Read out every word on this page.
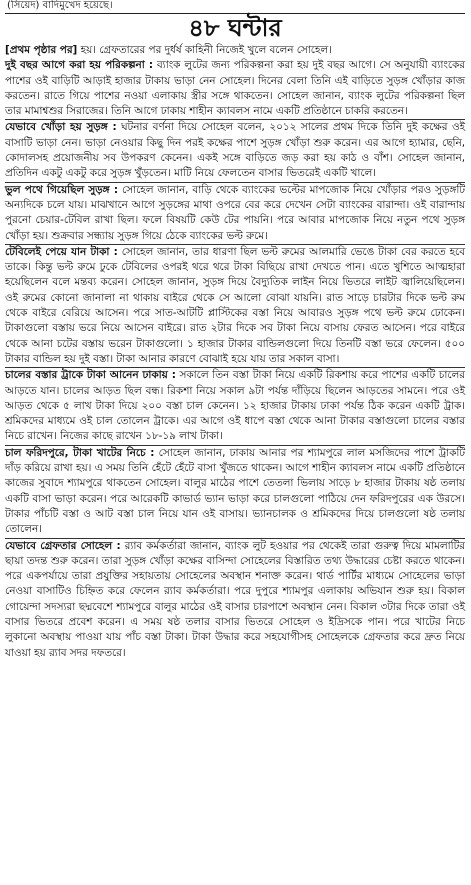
(সিয়েদ) বাদিমুখেদ হয়েছে।
৪৮ ঘন্টার

[প্রথম পৃষ্ঠার পর] হয়। গ্রেফতারের পর দুর্ধর্ষ কাহিনী নিজেই খুলে বলেন সোহেল।

দুই বছর আগে করা হয় পরিকল্পনা : ব্যাংক লুটের জন্য পরিকল্পনা করা হয় দুই বছর আগে। সে অনুযায়ী ব্যাংকের পাশের ওই বাড়িটি আড়াই হাজার টাকায় ভাড়া নেন সোহেল। দিনের বেলা তিনি এই বাড়িতে সুড়ঙ্গ খোঁড়ার কাজ করতেন। রাতে গিয়ে পাশের নওয়া এলাকায় স্ত্রীর সঙ্গে থাকতেন। সোহেল জানান, ব্যাংক লুটের পরিকল্পনা ছিল তার মামাশ্বশুর সিরাজের। তিনি আগে ঢাকায় শাহীন ক্যাবলস নামে একটি প্রতিষ্ঠানে চাকরি করতেন।

যেভাবে খোঁড়া হয় সুড়ঙ্গ : ঘটনার বর্ণনা দিয়ে সোহেল বলেন, ২০১২ সালের প্রথম দিকে তিনি দুই কক্ষের ওই বাসাটি ভাড়া নেন। ভাড়া নেওয়ার কিছু দিন পরই কক্ষের পাশে সুড়ঙ্গ খোঁড়া শুরু করেন। এর আগে হ্যামার, ছেনি, কোদালসহ প্রয়োজনীয় সব উপকরণ কেনেন। একই সঙ্গে বাড়িতে জড় করা হয় কাঠ ও বাঁশ। সোহেল জানান, প্রতিদিন একটু একটু করে সুড়ঙ্গ খুঁড়তেন। মাটি নিয়ে ফেলতেন বাসার ভিতরেই একটি খালে।

ভুল পথে গিয়েছিল সুড়ঙ্গ : সোহেল জানান, বাড়ি থেকে ব্যাংকের ভল্টের মাপজোক নিয়ে খোঁড়ার পরও সুড়ঙ্গটি অন্যদিকে চলে যায়। মাঝখানে আগে সুড়ঙ্গের মাথা ওপরে বের করে দেখেন সেটা ব্যাংকের বারান্দা। ওই বারান্দায় পুরনো চেয়ার-টেবিল রাখা ছিল। ফলে বিষয়টি কেউ টের পায়নি। পরে আবার মাপজোক নিয়ে নতুন পথে সুড়ঙ্গ খোঁড়া হয়। শুক্রবার সন্ধ্যায় সুড়ঙ্গ গিয়ে ঠেকে ব্যাংকের ভল্ট রুমে।

টেবিলেই পেয়ে যান টাকা : সোহেল জানান, তার ধারণা ছিল ভল্ট রুমের আলমারি ভেঙে টাকা বের করতে হবে তাকে। কিন্তু ভল্ট রুমে ঢুকে টেবিলের ওপরই থরে থরে টাকা বিছিয়ে রাখা দেখতে পান। এতে খুশিতে আত্মহারা হয়েছিলেন বলে মন্তব্য করেন। সোহেল জানান, সুড়ঙ্গ দিয়ে বৈদ্যুতিক লাইন নিয়ে ভিতরে লাইট জ্বালিয়েছিলেন। ওই রুমের কোনো জানালা না থাকায় বাইরে থেকে সে আলো বোঝা যায়নি। রাত সাড়ে চারটার দিকে ভল্ট রুম থেকে বাইরে বেরিয়ে আসেন। পরে সাত-আটটি প্লাস্টিকের বস্তা নিয়ে আবারও সুড়ঙ্গ পথে ভল্ট রুমে ঢোকেন। টাকাগুলো বস্তায় ভরে নিয়ে আসেন বাইরে। রাত ২টার দিকে সব টাকা নিয়ে বাসায় ফেরত আসেন। পরে বাইরে থেকে আনা চটের বস্তায় ভরেন টাকাগুলো। ১ হাজার টাকার বান্ডিলগুলো দিয়ে তিনটি বস্তা ভরে ফেলেন। ৫০০ টাকার বান্ডিল হয় দুই বস্তা। টাকা আনার কারণে বোঝাই হয়ে যায় তার সকাল বাসা।

চালের বস্তার ট্রাকে টাকা আনেন ঢাকায় : সকালে তিন বস্তা টাকা নিয়ে একটি রিকশায় করে পাশের একটি চালের আড়তে যান। চালের আড়ত ছিল বন্ধ। রিকশা নিয়ে সকাল ৯টা পর্যন্ত দাঁড়িয়ে ছিলেন আড়তের সামনে। পরে ওই আড়ত থেকে ৫ লাখ টাকা দিয়ে ২০০ বস্তা চাল কেনেন। ১২ হাজার টাকায় ঢাকা পর্যন্ত ঠিক করেন একটি ট্রাক। শ্রমিকদের মাধ্যমে ওই চাল তোলেন ট্রাকে। এর আগে ওই ধাপে বস্তা থেকে আনা টাকার বস্তাগুলো চালের বস্তার নিচে রাখেন। নিজের কাছে রাখেন ১৮-১৯ লাখ টাকা।

চাল ফরিদপুরে, টাকা খাটের নিচে : সোহেল জানান, ঢাকায় আনার পর শ্যামপুরে লাল মসজিদের পাশে ট্রাকটি দাঁড় করিয়ে রাখা হয়। এ সময় তিনি হেঁটে হেঁটে বাসা খুঁজতে থাকেন। আগে শাহীন ক্যাবলস নামে একটি প্রতিষ্ঠানে কাজের সুবাদে শ্যামপুরে থাকতেন সোহেল। বালুর মাঠের পাশে তেতলা ভিলায় সাড়ে ৮ হাজার টাকায় ষষ্ঠ তলায় একটি বাসা ভাড়া করেন। পরে আরেকটি কাভার্ড ভ্যান ভাড়া করে চালগুলো পাঠিয়ে দেন ফরিদপুরের এক উরসে। টাকার পাঁচটি বস্তা ও আট বস্তা চাল নিয়ে যান ওই বাসায়। ভ্যানচালক ও শ্রমিকদের দিয়ে চালগুলো ষষ্ঠ তলায় তোলেন।

যেভাবে গ্রেফতার সোহেল : র‌্যাব কর্মকর্তারা জানান, ব্যাংক লুট হওয়ার পর থেকেই তারা গুরুত্ব দিয়ে মামলাটির ছায়া তদন্ত শুরু করেন। তারা সুড়ঙ্গ খোঁড়া কক্ষের বাসিন্দা সোহেলের বিস্তারিত তথ্য উদ্ধারের চেষ্টা করতে থাকেন। পরে একপর্যায়ে তারা প্রযুক্তির সহায়তায় সোহেলের অবস্থান শনাক্ত করেন। থার্ড পার্টির মাধ্যমে সোহেলের ভাড়া নেওয়া বাসাটিও চিহ্নিত করে ফেলেন র‌্যাব কর্মকর্তারা। পরে দুপুরে শ্যামপুর এলাকায় অভিযান শুরু হয়। বিকাল গোয়েন্দা সদস্যরা ছদ্মবেশে শ্যামপুরে বালুর মাঠের ওই বাসার চারপাশে অবস্থান নেন। বিকাল ৩টার দিকে তারা ওই বাসার ভিতরে প্রবেশ করেন। এ সময় ষষ্ঠ তলার বাসার ভিতরে সোহেল ও ইদ্রিসকে পান। পরে খাটের নিচে লুকানো অবস্থায় পাওয়া যায় পাঁচ বস্তা টাকা। টাকা উদ্ধার করে সহযোগীসহ সোহেলকে গ্রেফতার করে দ্রুত নিয়ে যাওয়া হয় র‌্যাব সদর দফতরে।
